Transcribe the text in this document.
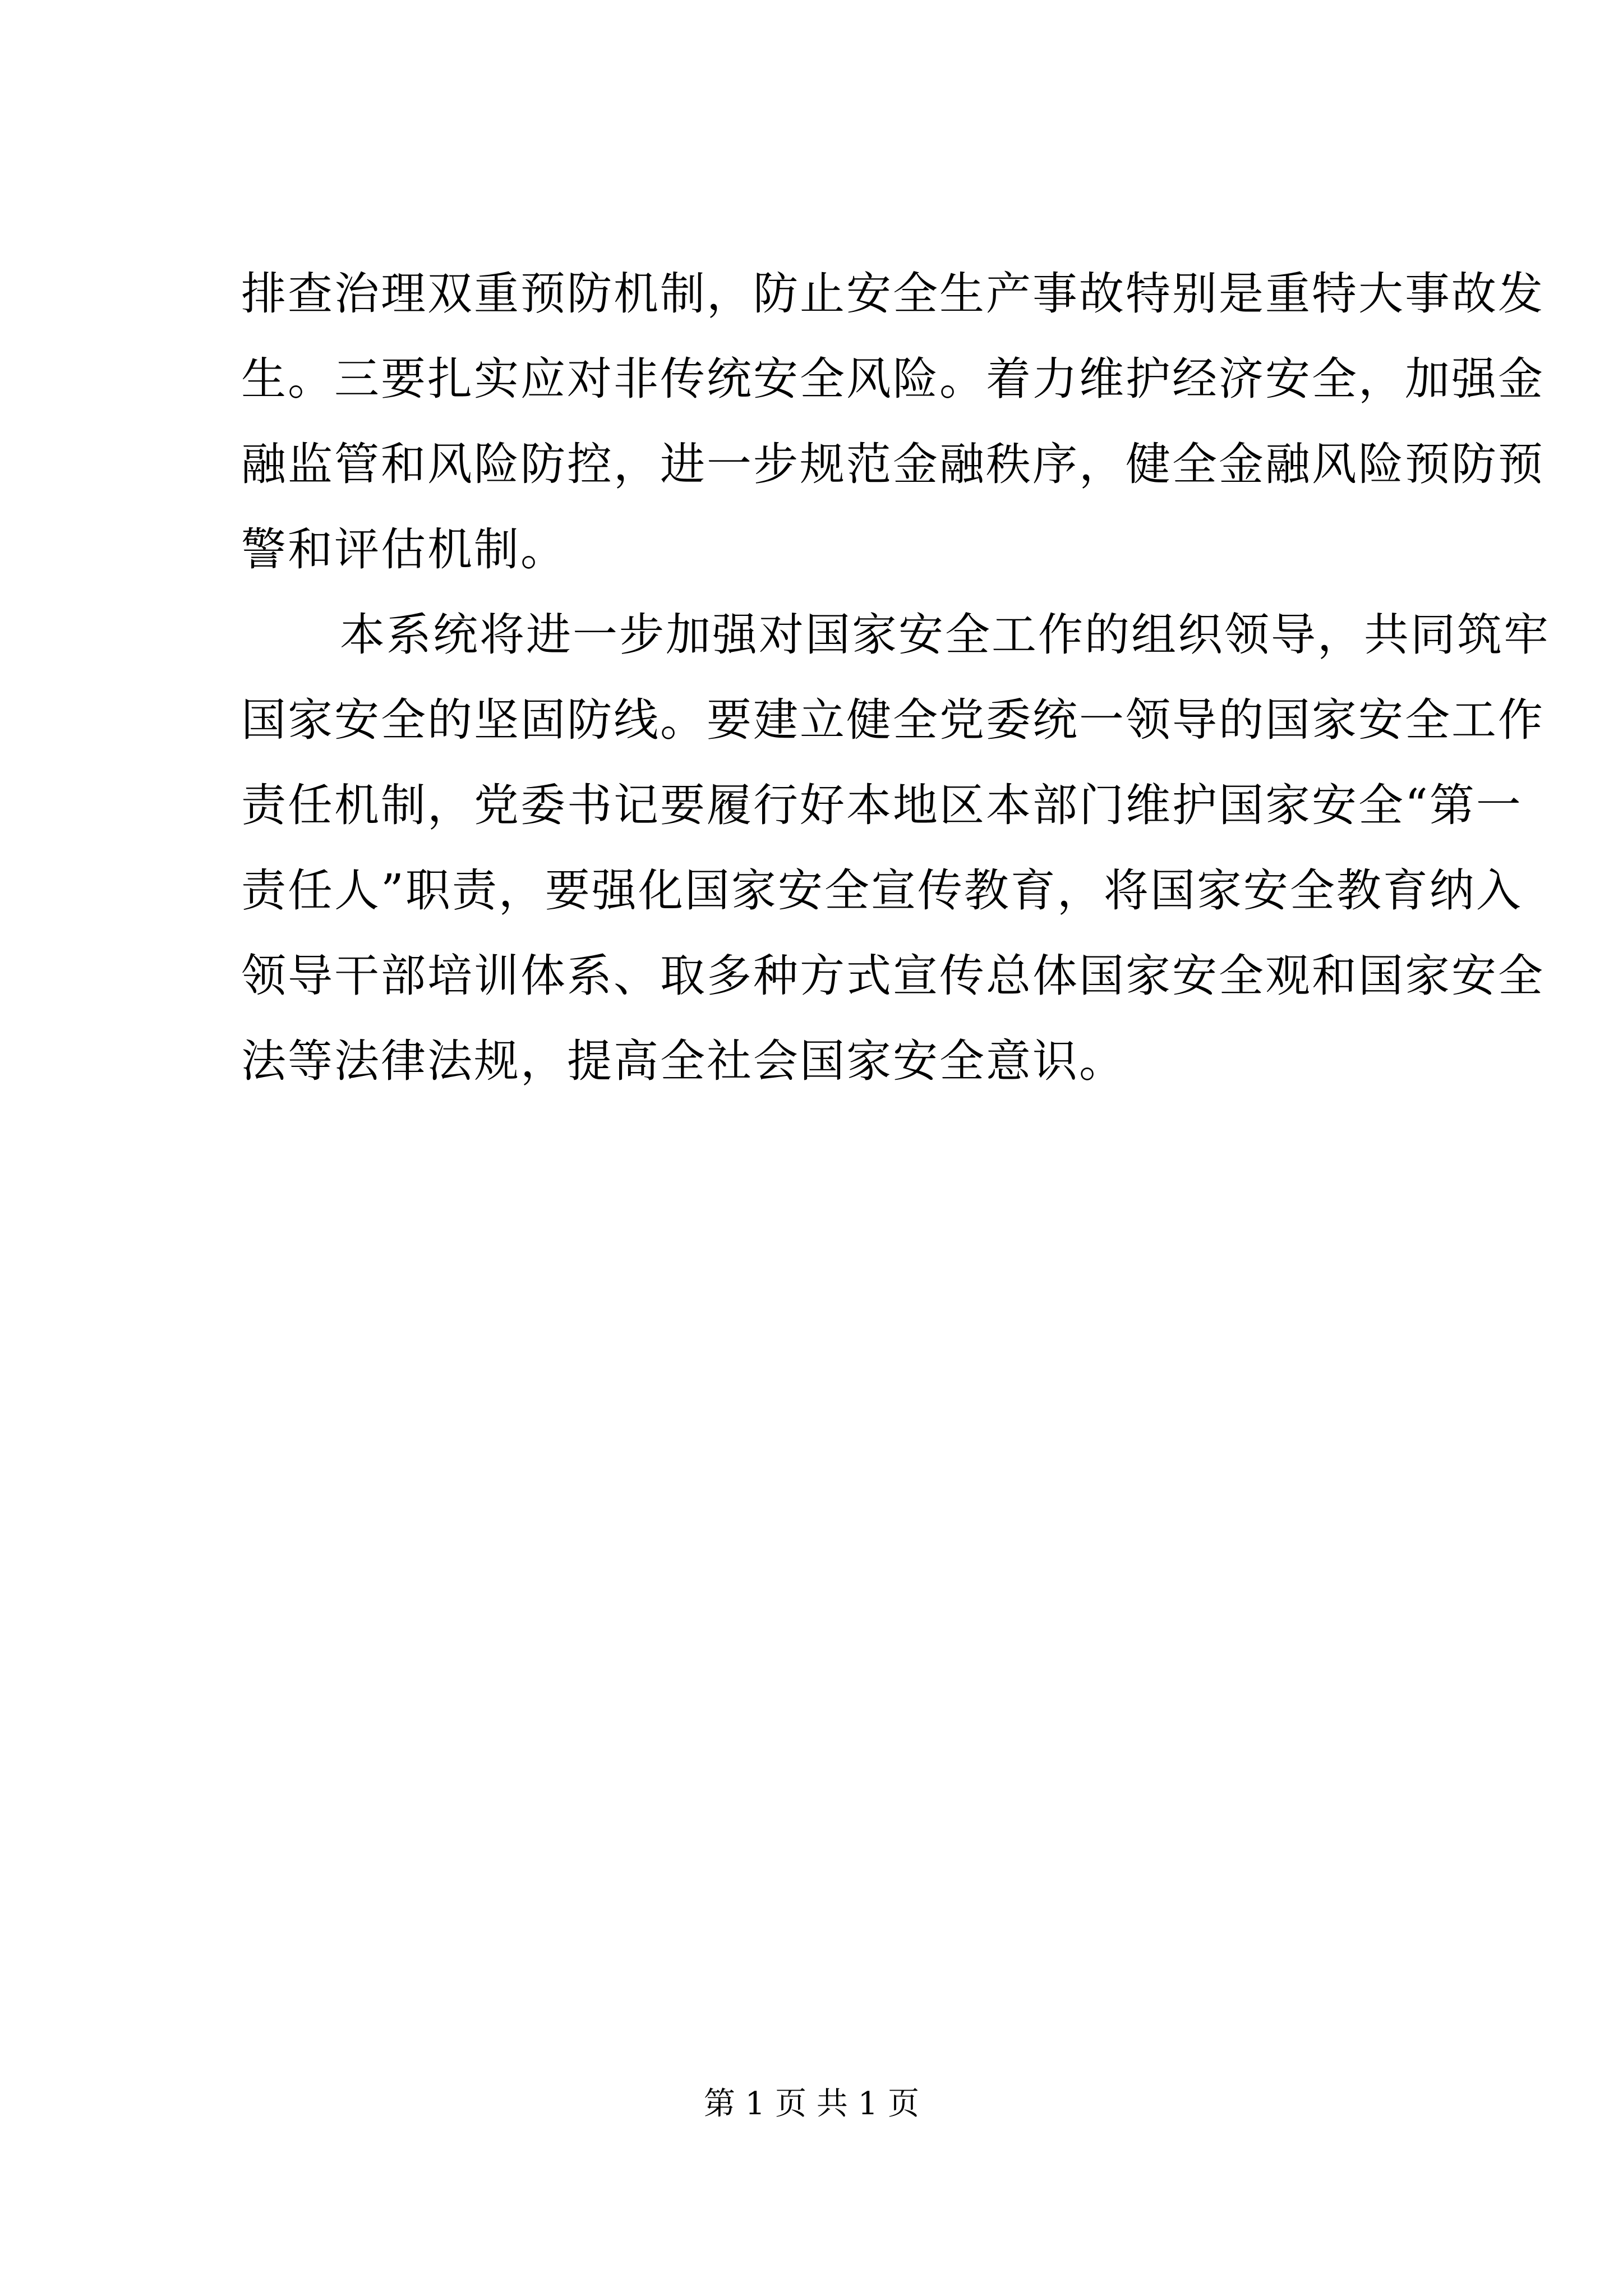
排查治理双重预防机制，防止安全生产事故特别是重特大事故发
生。三要扎实应对非传统安全风险。着力维护经济安全，加强金
融监管和风险防控，进一步规范金融秩序，健全金融风险预防预
警和评估机制。
本系统将进一步加强对国家安全工作的组织领导，共同筑牢
国家安全的坚固防线。要建立健全党委统一领导的国家安全工作
责任机制，党委书记要履行好本地区本部门维护国家安全“第一
责任人”职责，要强化国家安全宣传教育，将国家安全教育纳入
领导干部培训体系、取多种方式宣传总体国家安全观和国家安全
法等法律法规，提高全社会国家安全意识。
第 1 页 共 1 页
